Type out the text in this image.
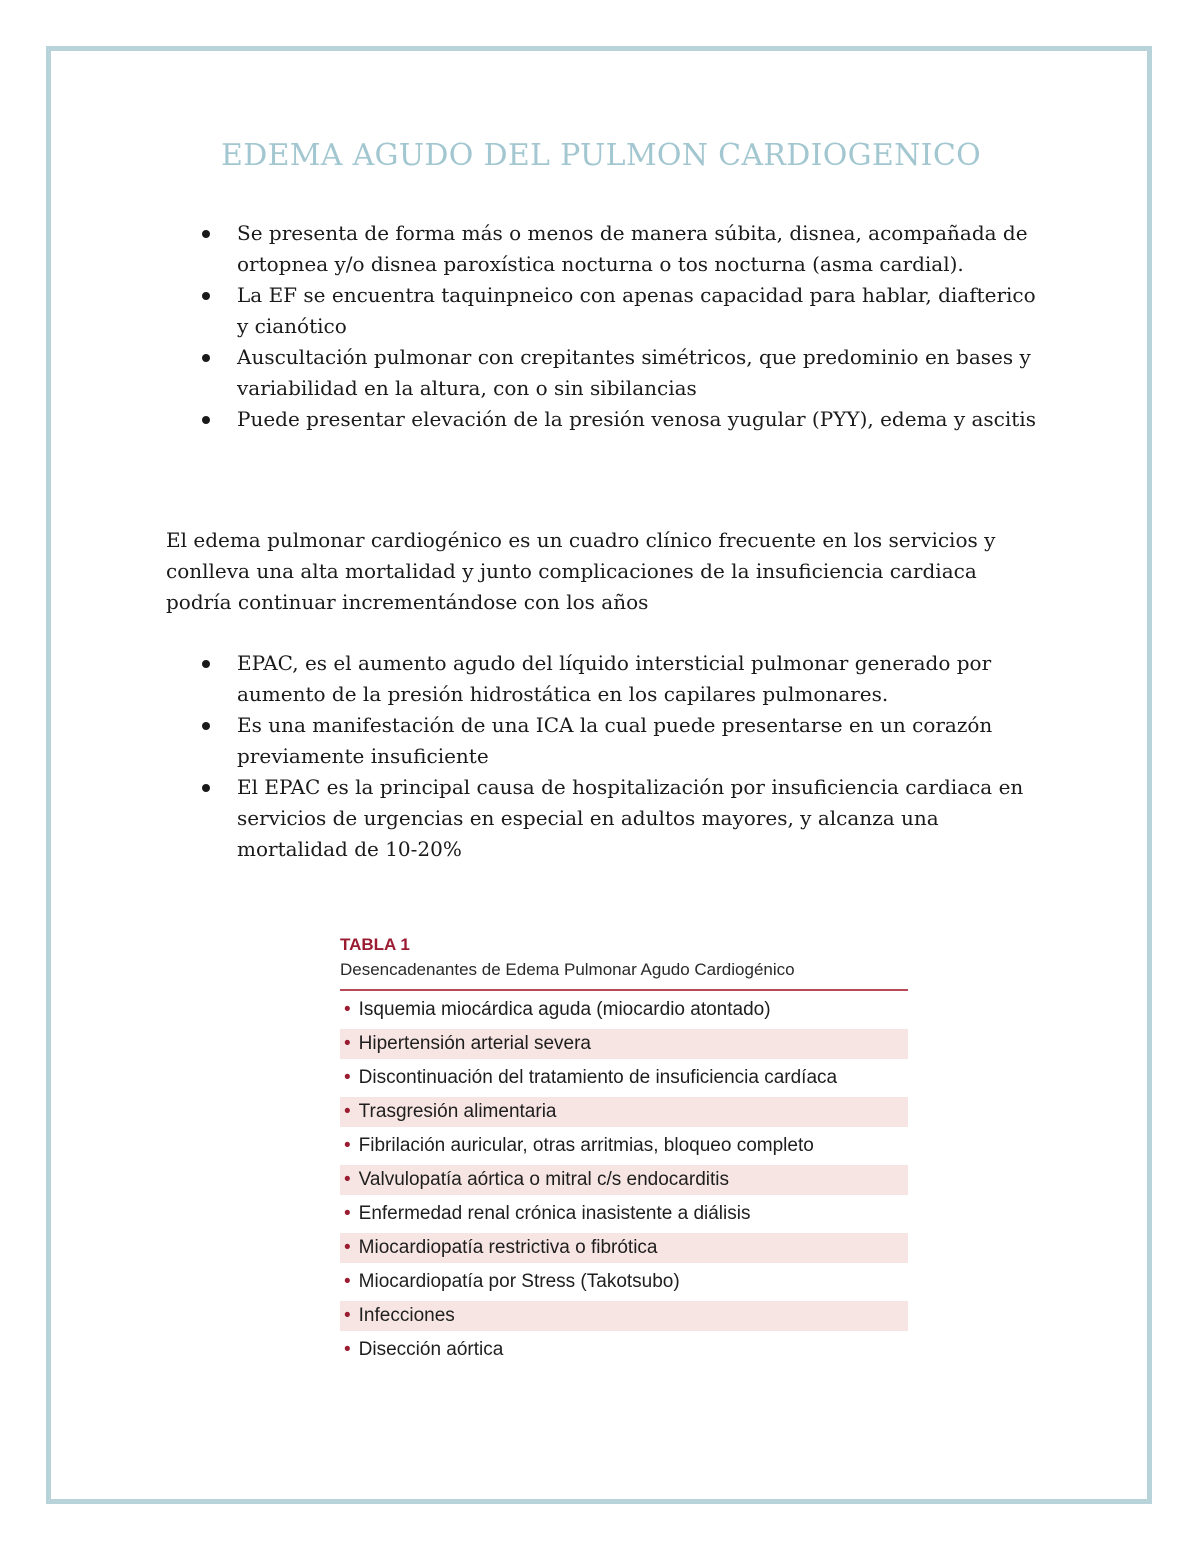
EDEMA AGUDO DEL PULMON CARDIOGENICO
Se presenta de forma más o menos de manera súbita, disnea, acompañada de ortopnea y/o disnea paroxística nocturna o tos nocturna (asma cardial).
La EF se encuentra taquinpneico con apenas capacidad para hablar, diafterico y cianótico
Auscultación pulmonar con crepitantes simétricos, que predominio en bases y variabilidad en la altura, con o sin sibilancias
Puede presentar elevación de la presión venosa yugular (PYY), edema y ascitis

El edema pulmonar cardiogénico es un cuadro clínico frecuente en los servicios y conlleva una alta mortalidad y junto complicaciones de la insuficiencia cardiaca podría continuar incrementándose con los años

EPAC, es el aumento agudo del líquido intersticial pulmonar generado por aumento de la presión hidrostática en los capilares pulmonares.
Es una manifestación de una ICA la cual puede presentarse en un corazón previamente insuficiente
El EPAC es la principal causa de hospitalización por insuficiencia cardiaca en servicios de urgencias en especial en adultos mayores, y alcanza una mortalidad de 10-20%
TABLA 1
Desencadenantes de Edema Pulmonar Agudo Cardiogénico
• Isquemia miocárdica aguda (miocardio atontado)
• Hipertensión arterial severa
• Discontinuación del tratamiento de insuficiencia cardíaca
• Trasgresión alimentaria
• Fibrilación auricular, otras arritmias, bloqueo completo
• Valvulopatía aórtica o mitral c/s endocarditis
• Enfermedad renal crónica inasistente a diálisis
• Miocardiopatía restrictiva o fibrótica
• Miocardiopatía por Stress (Takotsubo)
• Infecciones
• Disección aórtica
